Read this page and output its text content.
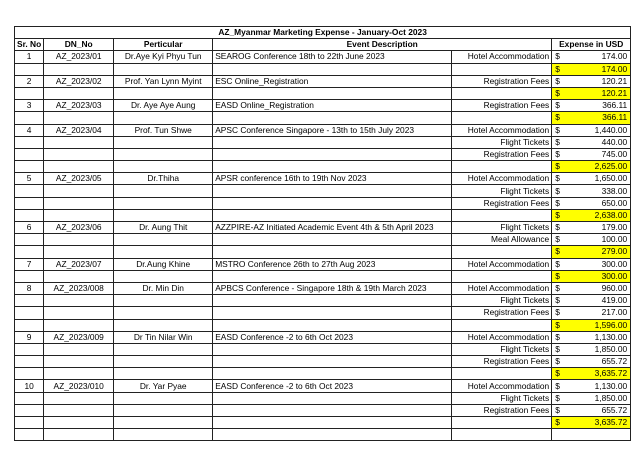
AZ_Myanmar Marketing Expense - January-Oct 2023						
Sr. No	DN_No	Perticular	Event Description		Expense in USD	
1	AZ_2023/01	Dr.Aye Kyi Phyu Tun	SEAROG Conference 18th to 22th June 2023	Hotel Accommodation	$	174.00
					$	174.00
2	AZ_2023/02	Prof. Yan Lynn Myint	ESC Online_Registration	Registration Fees	$	120.21
					$	120.21
3	AZ_2023/03	Dr. Aye Aye Aung	EASD Online_Registration	Registration Fees	$	366.11
					$	366.11
4	AZ_2023/04	Prof. Tun Shwe	APSC Conference Singapore - 13th to 15th July 2023	Hotel Accommodation	$	1,440.00
				Flight Tickets	$	440.00
				Registration Fees	$	745.00
					$	2,625.00
5	AZ_2023/05	Dr.Thiha	APSR conference 16th to 19th Nov 2023	Hotel Accommodation	$	1,650.00
				Flight Tickets	$	338.00
				Registration Fees	$	650.00
					$	2,638.00
6	AZ_2023/06	Dr. Aung Thit	AZZPIRE-AZ Initiated Academic Event 4th & 5th April 2023	Flight Tickets	$	179.00
				Meal Allowance	$	100.00
					$	279.00
7	AZ_2023/07	Dr.Aung Khine	MSTRO Conference 26th to 27th Aug 2023	Hotel Accommodation	$	300.00
					$	300.00
8	AZ_2023/008	Dr. Min Din	APBCS Conference - Singapore 18th & 19th March 2023	Hotel Accommodation	$	960.00
				Flight Tickets	$	419.00
				Registration Fees	$	217.00
					$	1,596.00
9	AZ_2023/009	Dr Tin Nilar Win	EASD Conference -2 to 6th Oct 2023	Hotel Accommodation	$	1,130.00
				Flight Tickets	$	1,850.00
				Registration Fees	$	655.72
					$	3,635.72
10	AZ_2023/010	Dr. Yar Pyae	EASD Conference -2 to 6th Oct 2023	Hotel Accommodation	$	1,130.00
				Flight Tickets	$	1,850.00
				Registration Fees	$	655.72
					$	3,635.72
